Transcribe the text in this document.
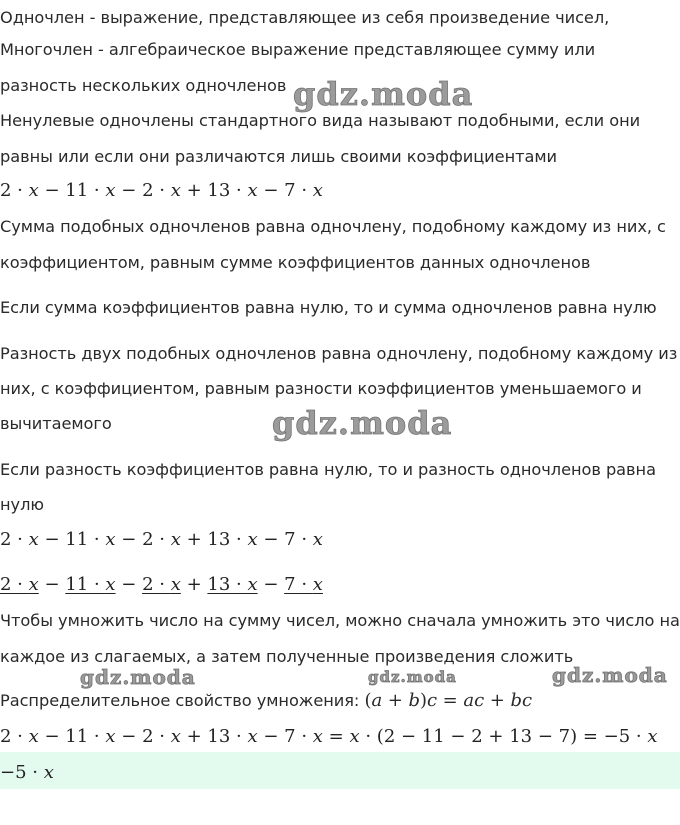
Одночлен - выражение, представляющее из себя произведение чисел,
Многочлен - алгебраическое выражение представляющее сумму или
разность нескольких одночленов
Ненулевые одночлены стандартного вида называют подобными, если они
равны или если они различаются лишь своими коэффициентами
2 · x − 11 · x − 2 · x + 13 · x − 7 · x
Сумма подобных одночленов равна одночлену, подобному каждому из них, с
коэффициентом, равным сумме коэффициентов данных одночленов
Если сумма коэффициентов равна нулю, то и сумма одночленов равна нулю
Разность двух подобных одночленов равна одночлену, подобному каждому из
них, с коэффициентом, равным разности коэффициентов уменьшаемого и
вычитаемого
Если разность коэффициентов равна нулю, то и разность одночленов равна
нулю
2 · x − 11 · x − 2 · x + 13 · x − 7 · x
2 · x − 11 · x − 2 · x + 13 · x − 7 · x
Чтобы умножить число на сумму чисел, можно сначала умножить это число на
каждое из слагаемых, а затем полученные произведения сложить
Распределительное свойство умножения: (a + b)c = ac + bc
2 · x − 11 · x − 2 · x + 13 · x − 7 · x = x · (2 − 11 − 2 + 13 − 7) = −5 · x
−5 · x
gdz.moda
gdz.moda
gdz.moda	gdz.moda	gdz.moda
